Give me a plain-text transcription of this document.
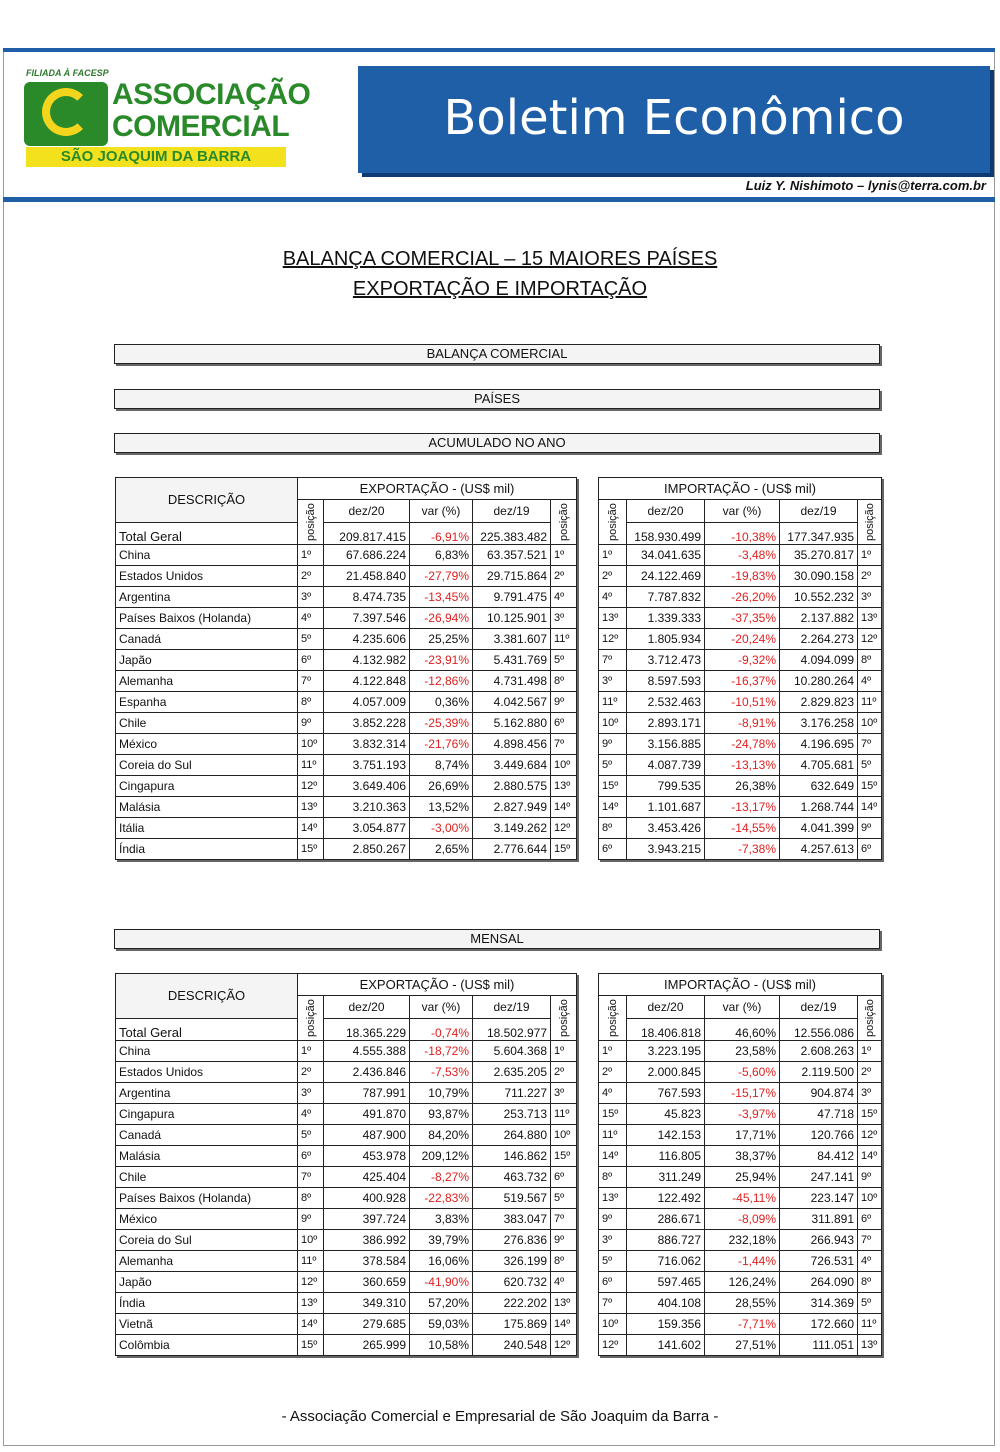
FILIADA À FACESP
ASSOCIAÇÃO
COMERCIAL
SÃO JOAQUIM DA BARRA
Boletim Econômico
Luiz Y. Nishimoto – lynis@terra.com.br
BALANÇA COMERCIAL – 15 MAIORES PAÍSES
EXPORTAÇÃO E IMPORTAÇÃO
BALANÇA COMERCIAL
PAÍSES
ACUMULADO NO ANO
MENSAL
- Associação Comercial e Empresarial de São Joaquim da Barra -
DESCRIÇÃO	EXPORTAÇÃO - (US$ mil)				

	posição	dez/20	var (%)	dez/19	posição

Total Geral		209.817.415	-6,91%	225.383.482	
China	1º	67.686.224	6,83%	63.357.521	1º
Estados Unidos	2º	21.458.840	-27,79%	29.715.864	2º
Argentina	3º	8.474.735	-13,45%	9.791.475	4º
Países Baixos (Holanda)	4º	7.397.546	-26,94%	10.125.901	3º
Canadá	5º	4.235.606	25,25%	3.381.607	11º
Japão	6º	4.132.982	-23,91%	5.431.769	5º
Alemanha	7º	4.122.848	-12,86%	4.731.498	8º
Espanha	8º	4.057.009	0,36%	4.042.567	9º
Chile	9º	3.852.228	-25,39%	5.162.880	6º
México	10º	3.832.314	-21,76%	4.898.456	7º
Coreia do Sul	11º	3.751.193	8,74%	3.449.684	10º
Cingapura	12º	3.649.406	26,69%	2.880.575	13º
Malásia	13º	3.210.363	13,52%	2.827.949	14º
Itália	14º	3.054.877	-3,00%	3.149.262	12º
Índia	15º	2.850.267	2,65%	2.776.644	15º
IMPORTAÇÃO - (US$ mil)				

posição	dez/20	var (%)	dez/19	posição

	158.930.499	-10,38%	177.347.935	
1º	34.041.635	-3,48%	35.270.817	1º
2º	24.122.469	-19,83%	30.090.158	2º
4º	7.787.832	-26,20%	10.552.232	3º
13º	1.339.333	-37,35%	2.137.882	13º
12º	1.805.934	-20,24%	2.264.273	12º
7º	3.712.473	-9,32%	4.094.099	8º
3º	8.597.593	-16,37%	10.280.264	4º
11º	2.532.463	-10,51%	2.829.823	11º
10º	2.893.171	-8,91%	3.176.258	10º
9º	3.156.885	-24,78%	4.196.695	7º
5º	4.087.739	-13,13%	4.705.681	5º
15º	799.535	26,38%	632.649	15º
14º	1.101.687	-13,17%	1.268.744	14º
8º	3.453.426	-14,55%	4.041.399	9º
6º	3.943.215	-7,38%	4.257.613	6º
DESCRIÇÃO	EXPORTAÇÃO - (US$ mil)				

	posição	dez/20	var (%)	dez/19	posição

Total Geral		18.365.229	-0,74%	18.502.977	
China	1º	4.555.388	-18,72%	5.604.368	1º
Estados Unidos	2º	2.436.846	-7,53%	2.635.205	2º
Argentina	3º	787.991	10,79%	711.227	3º
Cingapura	4º	491.870	93,87%	253.713	11º
Canadá	5º	487.900	84,20%	264.880	10º
Malásia	6º	453.978	209,12%	146.862	15º
Chile	7º	425.404	-8,27%	463.732	6º
Países Baixos (Holanda)	8º	400.928	-22,83%	519.567	5º
México	9º	397.724	3,83%	383.047	7º
Coreia do Sul	10º	386.992	39,79%	276.836	9º
Alemanha	11º	378.584	16,06%	326.199	8º
Japão	12º	360.659	-41,90%	620.732	4º
Índia	13º	349.310	57,20%	222.202	13º
Vietnã	14º	279.685	59,03%	175.869	14º
Colômbia	15º	265.999	10,58%	240.548	12º
IMPORTAÇÃO - (US$ mil)				

posição	dez/20	var (%)	dez/19	posição

	18.406.818	46,60%	12.556.086	
1º	3.223.195	23,58%	2.608.263	1º
2º	2.000.845	-5,60%	2.119.500	2º
4º	767.593	-15,17%	904.874	3º
15º	45.823	-3,97%	47.718	15º
11º	142.153	17,71%	120.766	12º
14º	116.805	38,37%	84.412	14º
8º	311.249	25,94%	247.141	9º
13º	122.492	-45,11%	223.147	10º
9º	286.671	-8,09%	311.891	6º
3º	886.727	232,18%	266.943	7º
5º	716.062	-1,44%	726.531	4º
6º	597.465	126,24%	264.090	8º
7º	404.108	28,55%	314.369	5º
10º	159.356	-7,71%	172.660	11º
12º	141.602	27,51%	111.051	13º
